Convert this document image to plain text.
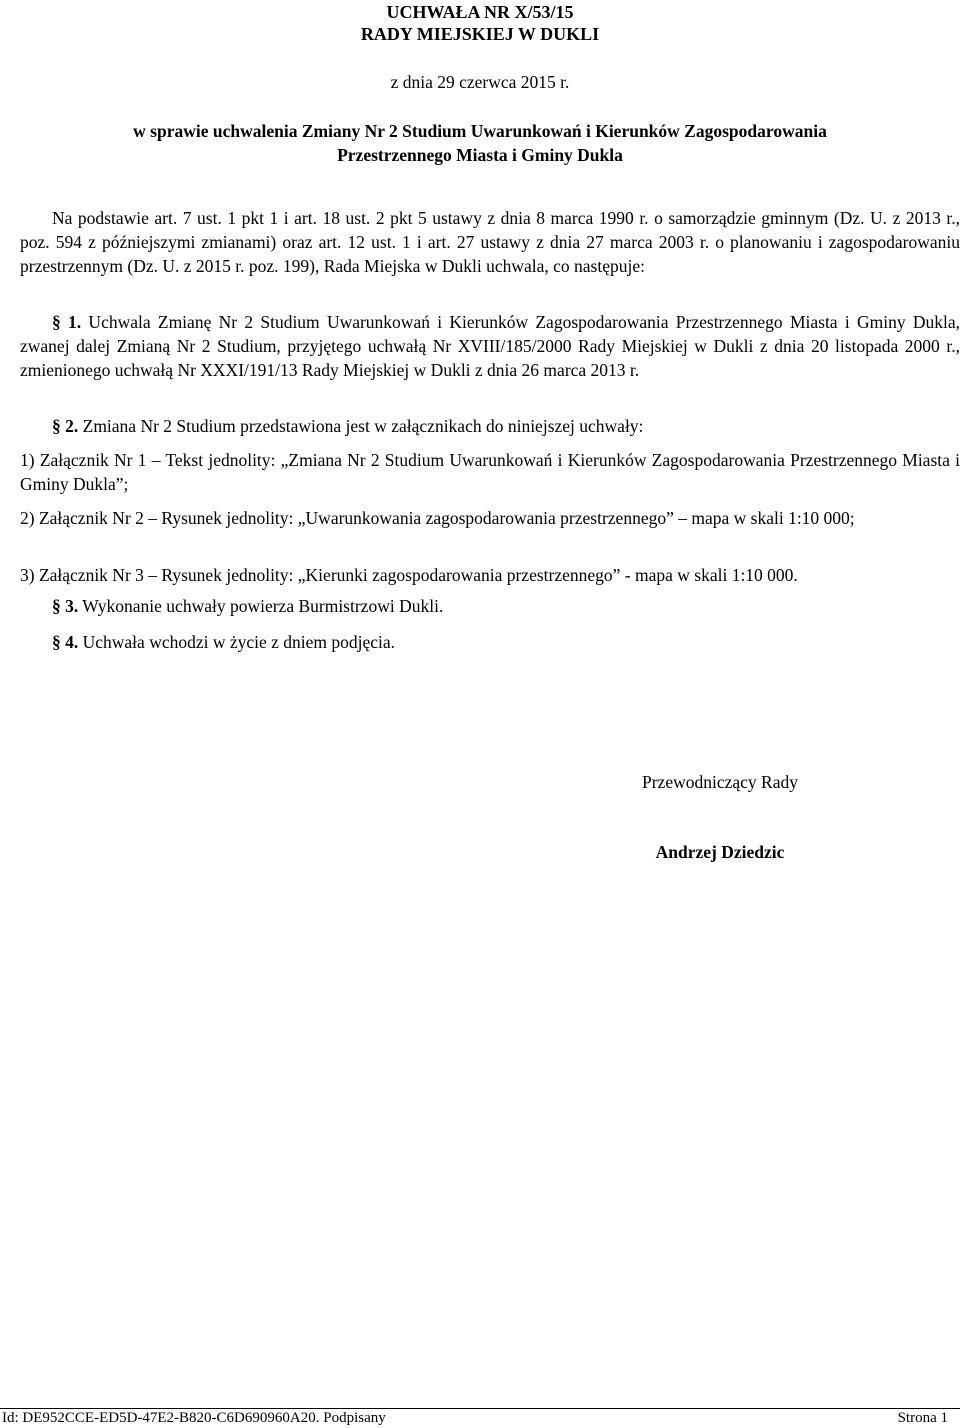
UCHWAŁA NR X/53/15
RADY MIEJSKIEJ W DUKLI
z dnia 29 czerwca 2015 r.
w sprawie uchwalenia Zmiany Nr 2 Studium Uwarunkowań i Kierunków Zagospodarowania
Przestrzennego Miasta i Gminy Dukla
Na podstawie art. 7 ust. 1 pkt 1 i art. 18 ust. 2 pkt 5 ustawy z dnia 8 marca 1990 r. o samorządzie gminnym (Dz. U. z 2013 r., poz. 594 z późniejszymi zmianami) oraz art. 12 ust. 1 i art. 27 ustawy z dnia 27 marca 2003 r. o planowaniu i zagospodarowaniu przestrzennym (Dz. U. z 2015 r. poz. 199), Rada Miejska w Dukli uchwala, co następuje:
§ 1. Uchwala Zmianę Nr 2 Studium Uwarunkowań i Kierunków Zagospodarowania Przestrzennego Miasta i Gminy Dukla, zwanej dalej Zmianą Nr 2 Studium, przyjętego uchwałą Nr XVIII/185/2000 Rady Miejskiej w Dukli z dnia 20 listopada 2000 r., zmienionego uchwałą Nr XXXI/191/13 Rady Miejskiej w Dukli z dnia 26 marca 2013 r.
§ 2. Zmiana Nr 2 Studium przedstawiona jest w załącznikach do niniejszej uchwały:
1) Załącznik Nr 1 – Tekst jednolity: „Zmiana Nr 2 Studium Uwarunkowań i Kierunków Zagospodarowania Przestrzennego Miasta i Gminy Dukla”;
2) Załącznik Nr 2 – Rysunek jednolity: „Uwarunkowania zagospodarowania przestrzennego” – mapa w skali 1:10 000;
3) Załącznik Nr 3 – Rysunek jednolity: „Kierunki zagospodarowania przestrzennego” - mapa w skali 1:10 000.
§ 3. Wykonanie uchwały powierza Burmistrzowi Dukli.
§ 4. Uchwała wchodzi w życie z dniem podjęcia.
Przewodniczący Rady
Andrzej Dziedzic
Id: DE952CCE-ED5D-47E2-B820-C6D690960A20. Podpisany	Strona 1
